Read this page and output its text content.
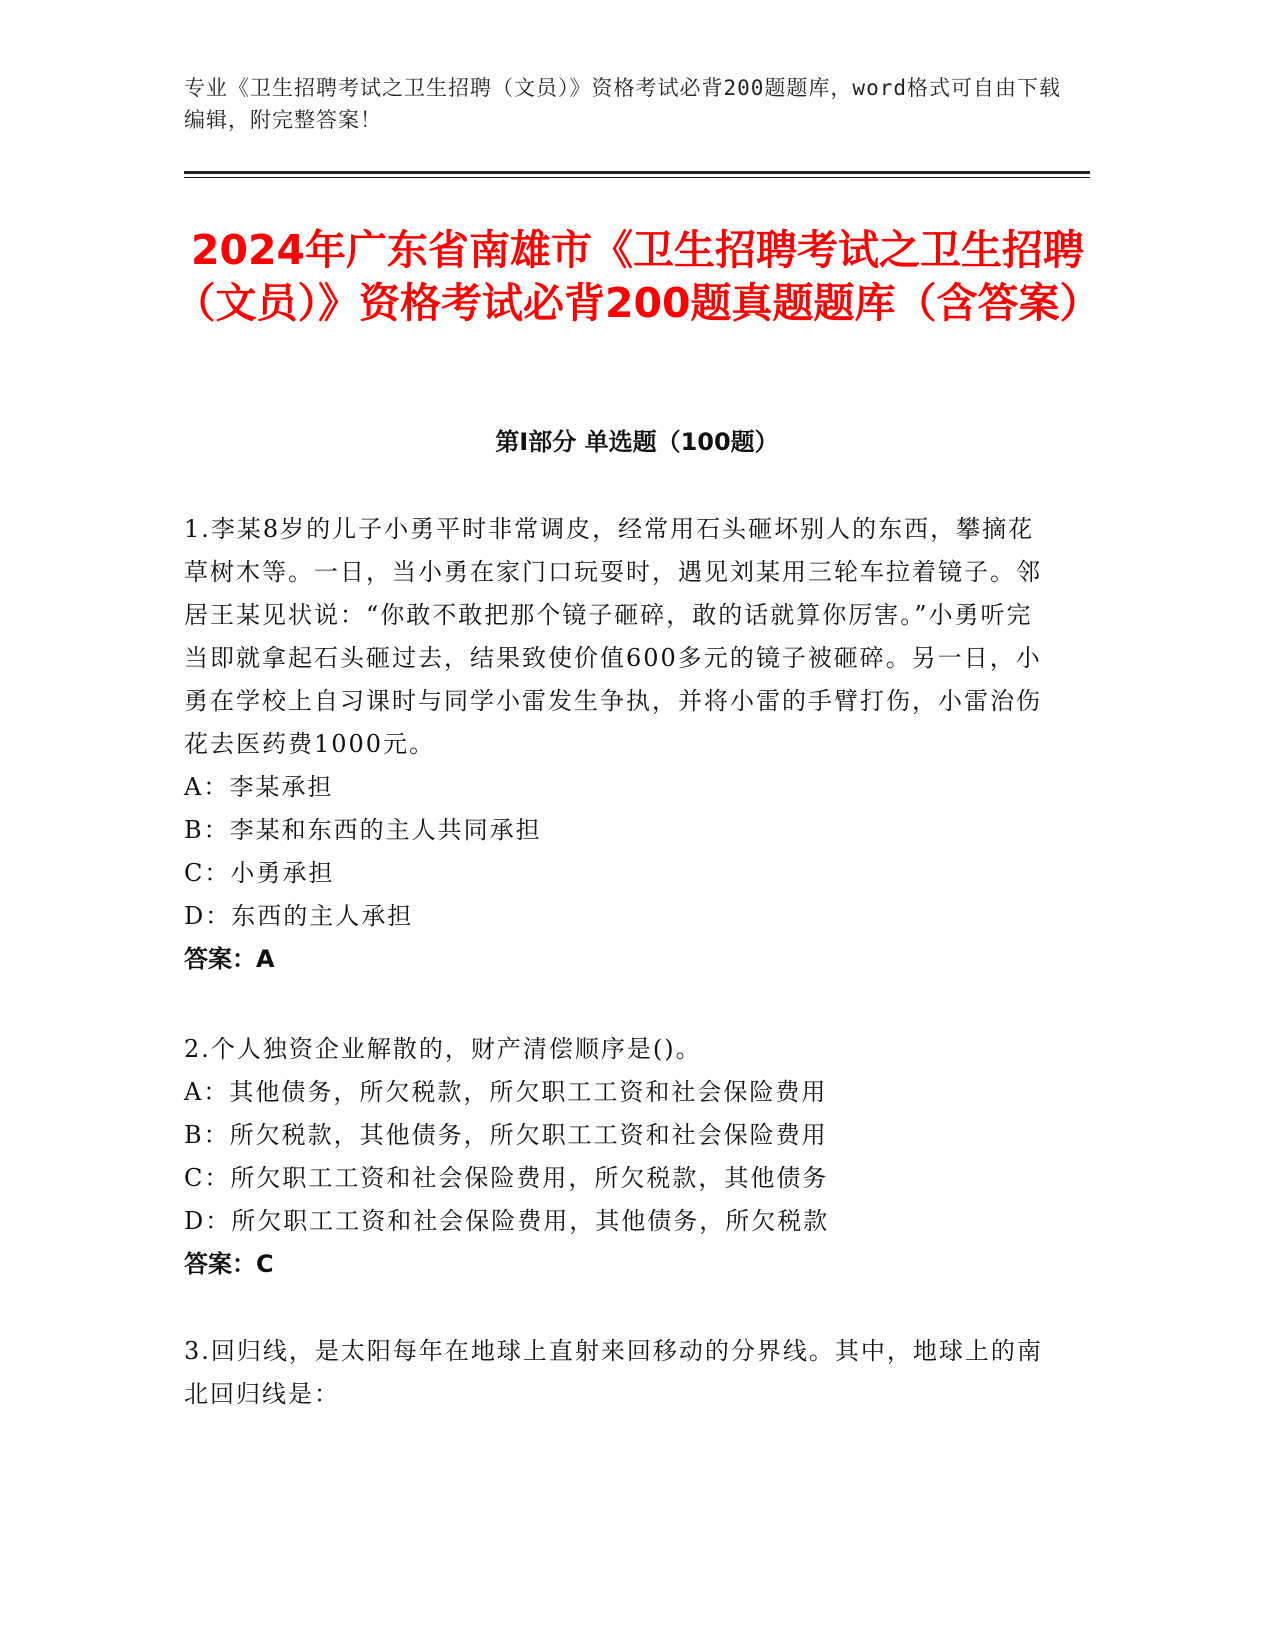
专业《卫生招聘考试之卫生招聘（文员）》资格考试必背200题题库，word格式可自由下载编辑，附完整答案！
2024年广东省南雄市《卫生招聘考试之卫生招聘（文员）》资格考试必背200题真题题库（含答案）
第I部分 单选题（100题）
1.李某8岁的儿子小勇平时非常调皮，经常用石头砸坏别人的东西，攀摘花草树木等。一日，当小勇在家门口玩耍时，遇见刘某用三轮车拉着镜子。邻居王某见状说：“你敢不敢把那个镜子砸碎，敢的话就算你厉害。”小勇听完当即就拿起石头砸过去，结果致使价值600多元的镜子被砸碎。另一日，小勇在学校上自习课时与同学小雷发生争执，并将小雷的手臂打伤，小雷治伤花去医药费1000元。
A：李某承担
B：李某和东西的主人共同承担
C：小勇承担
D：东西的主人承担
答案：A
2.个人独资企业解散的，财产清偿顺序是()。
A：其他债务，所欠税款，所欠职工工资和社会保险费用
B：所欠税款，其他债务，所欠职工工资和社会保险费用
C：所欠职工工资和社会保险费用，所欠税款，其他债务
D：所欠职工工资和社会保险费用，其他债务，所欠税款
答案：C
3.回归线，是太阳每年在地球上直射来回移动的分界线。其中，地球上的南北回归线是：
